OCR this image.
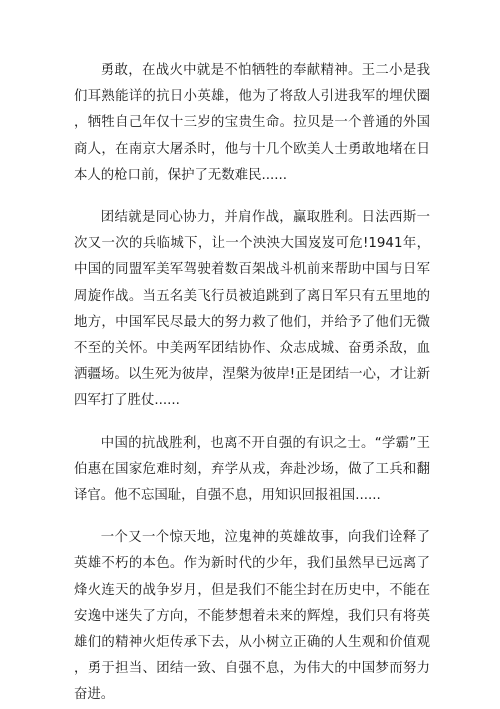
勇敢，在战火中就是不怕牺牲的奉献精神。王二小是我们耳熟能详的抗日小英雄，他为了将敌人引进我军的埋伏圈，牺牲自己年仅十三岁的宝贵生命。拉贝是一个普通的外国商人，在南京大屠杀时，他与十几个欧美人士勇敢地堵在日本人的枪口前，保护了无数难民......

团结就是同心协力，并肩作战，赢取胜利。日法西斯一次又一次的兵临城下，让一个泱泱大国岌岌可危!1941年，中国的同盟军美军驾驶着数百架战斗机前来帮助中国与日军周旋作战。当五名美飞行员被追跳到了离日军只有五里地的地方，中国军民尽最大的努力救了他们，并给予了他们无微不至的关怀。中美两军团结协作、众志成城、奋勇杀敌，血洒疆场。以生死为彼岸，涅槃为彼岸!正是团结一心，才让新四军打了胜仗......

中国的抗战胜利，也离不开自强的有识之士。“学霸”王伯惠在国家危难时刻，弃学从戎，奔赴沙场，做了工兵和翻译官。他不忘国耻，自强不息，用知识回报祖国......

一个又一个惊天地，泣鬼神的英雄故事，向我们诠释了英雄不朽的本色。作为新时代的少年，我们虽然早已远离了烽火连天的战争岁月，但是我们不能尘封在历史中，不能在安逸中迷失了方向，不能梦想着未来的辉煌，我们只有将英雄们的精神火炬传承下去，从小树立正确的人生观和价值观，勇于担当、团结一致、自强不息，为伟大的中国梦而努力奋进。
